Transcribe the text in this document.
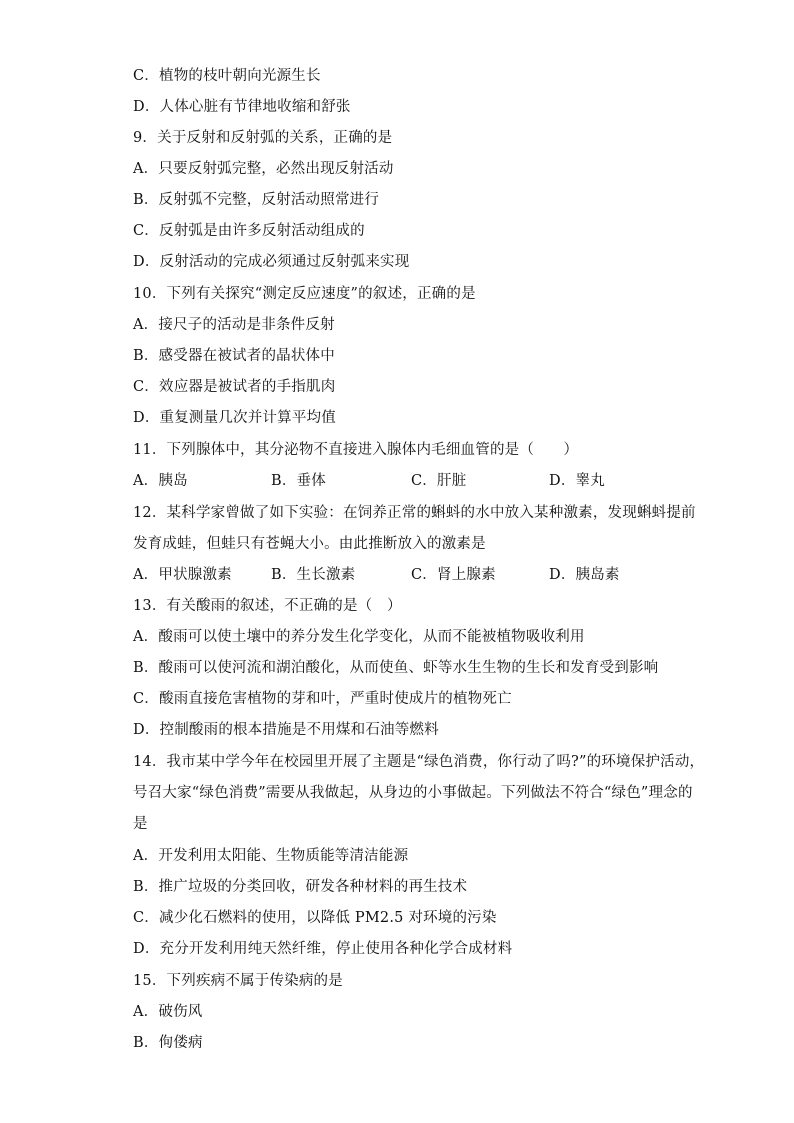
C．植物的枝叶朝向光源生长
D．人体心脏有节律地收缩和舒张
9．关于反射和反射弧的关系，正确的是
A．只要反射弧完整，必然出现反射活动
B．反射弧不完整，反射活动照常进行
C．反射弧是由许多反射活动组成的
D．反射活动的完成必须通过反射弧来实现
10．下列有关探究“测定反应速度”的叙述，正确的是
A．接尺子的活动是非条件反射
B．感受器在被试者的晶状体中
C．效应器是被试者的手指肌肉
D．重复测量几次并计算平均值
11．下列腺体中，其分泌物不直接进入腺体内毛细血管的是（　　）
A．胰岛	B．垂体	C．肝脏	D．睾丸
12．某科学家曾做了如下实验：在饲养正常的蝌蚪的水中放入某种激素，发现蝌蚪提前
发育成蛙，但蛙只有苍蝇大小。由此推断放入的激素是
A．甲状腺激素	B．生长激素	C．肾上腺素	D．胰岛素
13．有关酸雨的叙述，不正确的是（　）
A．酸雨可以使土壤中的养分发生化学变化，从而不能被植物吸收利用
B．酸雨可以使河流和湖泊酸化，从而使鱼、虾等水生生物的生长和发育受到影响
C．酸雨直接危害植物的芽和叶，严重时使成片的植物死亡
D．控制酸雨的根本措施是不用煤和石油等燃料
14．我市某中学今年在校园里开展了主题是“绿色消费，你行动了吗?”的环境保护活动，
号召大家“绿色消费”需要从我做起，从身边的小事做起。下列做法不符合“绿色”理念的
是
A．开发利用太阳能、生物质能等清洁能源
B．推广垃圾的分类回收，研发各种材料的再生技术
C．减少化石燃料的使用，以降低 PM2.5 对环境的污染
D．充分开发利用纯天然纤维，停止使用各种化学合成材料
15．下列疾病不属于传染病的是
A．破伤风
B．佝偻病
